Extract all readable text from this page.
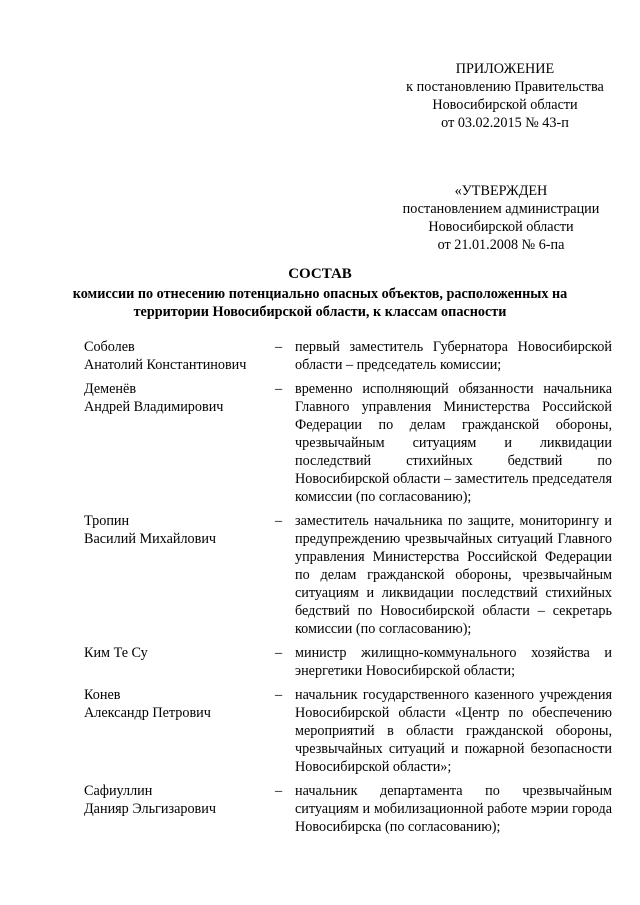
ПРИЛОЖЕНИЕ
к постановлению Правительства
Новосибирской области
от 03.02.2015 № 43-п
«УТВЕРЖДЕН
постановлением администрации
Новосибирской области
от 21.01.2008 № 6-па
СОСТАВ
комиссии по отнесению потенциально опасных объектов, расположенных на территории Новосибирской области, к классам опасности
Соболев
Анатолий Константинович
– первый заместитель Губернатора Новосибирской области – председатель комиссии;
Деменёв
Андрей Владимирович
– временно исполняющий обязанности начальника Главного управления Министерства Российской Федерации по делам гражданской обороны, чрезвычайным ситуациям и ликвидации последствий стихийных бедствий по Новосибирской области – заместитель председателя комиссии (по согласованию);
Тропин
Василий Михайлович
– заместитель начальника по защите, мониторингу и предупреждению чрезвычайных ситуаций Главного управления Министерства Российской Федерации по делам гражданской обороны, чрезвычайным ситуациям и ликвидации последствий стихийных бедствий по Новосибирской области – секретарь комиссии (по согласованию);
Ким Те Су	– министр жилищно-коммунального хозяйства и энергетики Новосибирской области;
Конев
Александр Петрович
– начальник государственного казенного учреждения Новосибирской области «Центр по обеспечению мероприятий в области гражданской обороны, чрезвычайных ситуаций и пожарной безопасности Новосибирской области»;
Сафиуллин
Данияр Эльгизарович
– начальник департамента по чрезвычайным ситуациям и мобилизационной работе мэрии города Новосибирска (по согласованию);
